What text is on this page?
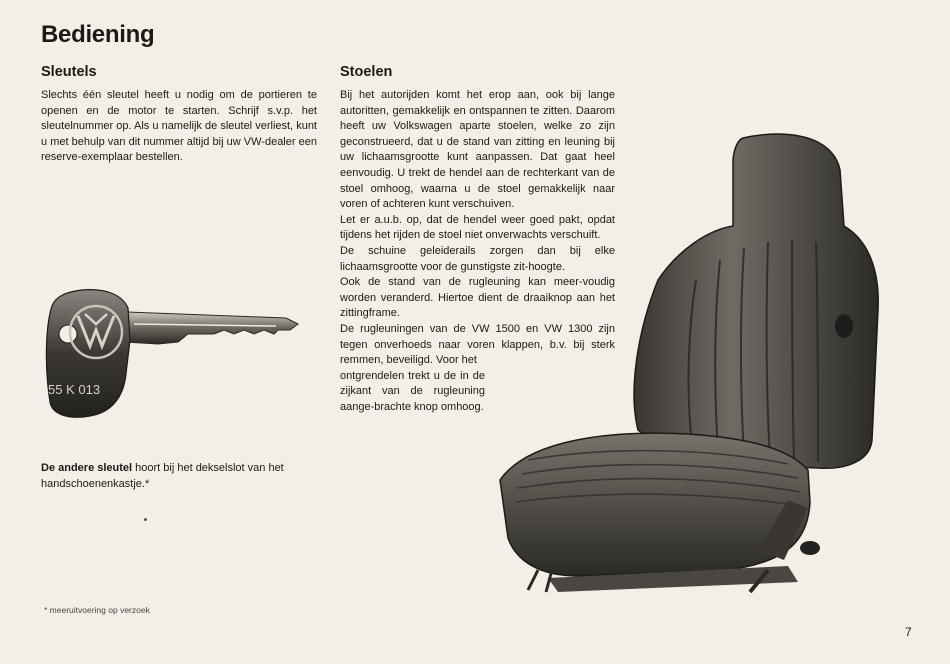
Bediening
Sleutels

Slechts één sleutel heeft u nodig om de portieren te openen en de motor te starten. Schrijf s.v.p. het sleutelnummer op. Als u namelijk de sleutel verliest, kunt u met behulp van dit nummer altijd bij uw VW-dealer een reserve-exemplaar bestellen.

55 K 013

De andere sleutel hoort bij het dekselslot van het handschoenenkastje.*

Stoelen

Bij het autorijden komt het erop aan, ook bij lange autoritten, gemakkelijk en ontspannen te zitten. Daarom heeft uw Volkswagen aparte stoelen, welke zo zijn geconstrueerd, dat u de stand van zitting en leuning bij uw lichaamsgrootte kunt aanpassen. Dat gaat heel eenvoudig. U trekt de hendel aan de rechterkant van de stoel omhoog, waarna u de stoel gemakkelijk naar voren of achteren kunt verschuiven.

Let er a.u.b. op, dat de hendel weer goed pakt, opdat tijdens het rijden de stoel niet onverwachts verschuift.

De schuine geleiderails zorgen dan bij elke lichaamsgrootte voor de gunstigste zit-hoogte.

Ook de stand van de rugleuning kan meer-voudig worden veranderd. Hiertoe dient de draaiknop aan het zittingframe.

De rugleuningen van de VW 1500 en VW 1300 zijn tegen onverhoeds naar voren klappen, b.v. bij sterk remmen, beveiligd. Voor het

ontgrendelen trekt u de in de zijkant van de rugleuning aange-brachte knop omhoog.

* meeruitvoering op verzoek
7
